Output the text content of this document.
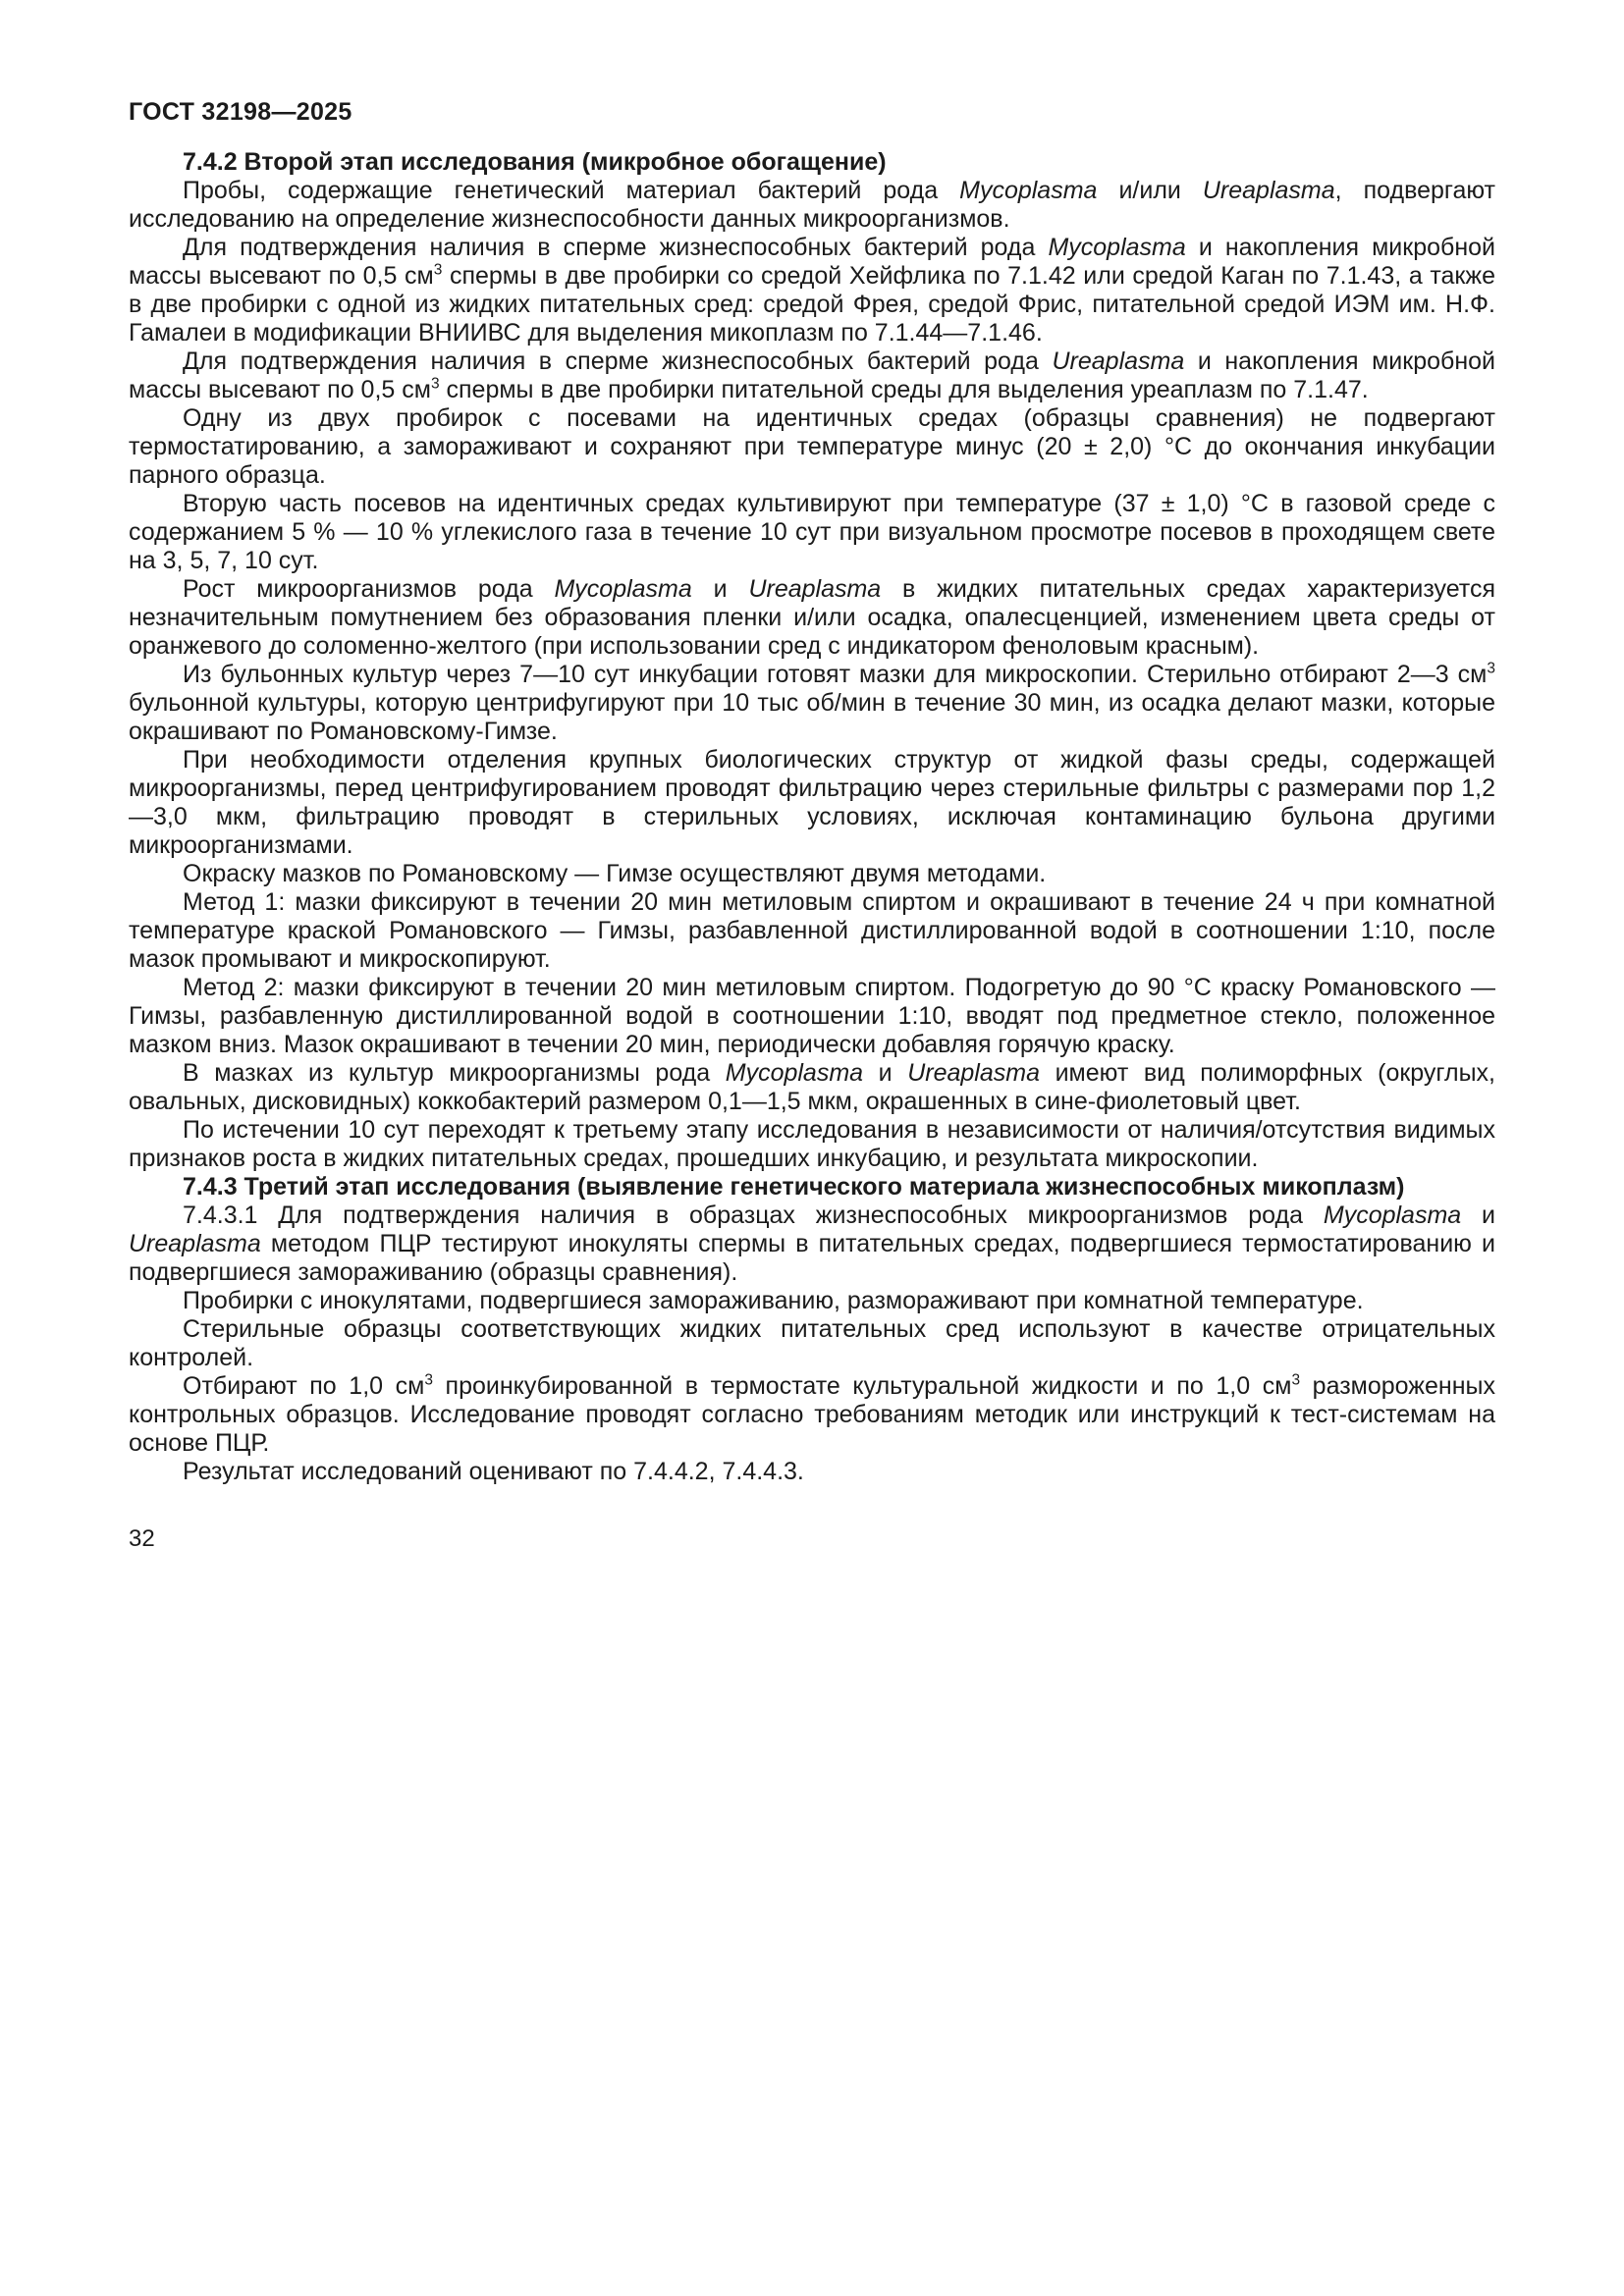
ГОСТ 32198—2025

7.4.2 Второй этап исследования (микробное обогащение)

Пробы, содержащие генетический материал бактерий рода Mycoplasma и/или Ureaplasma, подвергают исследованию на определение жизнеспособности данных микроорганизмов.

Для подтверждения наличия в сперме жизнеспособных бактерий рода Mycoplasma и накопления микробной массы высевают по 0,5 $см^3$ спермы в две пробирки со средой Хейфлика по 7.1.42 или средой Каган по 7.1.43, а также в две пробирки с одной из жидких питательных сред: средой Фрея, средой Фрис, питательной средой ИЭМ им. Н.Ф. Гамалеи в модификации ВНИИВС для выделения микоплазм по 7.1.44—7.1.46.

Для подтверждения наличия в сперме жизнеспособных бактерий рода Ureaplasma и накопления микробной массы высевают по 0,5 $см^3$ спермы в две пробирки питательной среды для выделения уреаплазм по 7.1.47.

Одну из двух пробирок с посевами на идентичных средах (образцы сравнения) не подвергают термостатированию, а замораживают и сохраняют при температуре минус (20 ± 2,0) °С до окончания инкубации парного образца.

Вторую часть посевов на идентичных средах культивируют при температуре (37 ± 1,0) °С в газовой среде с содержанием 5 % — 10 % углекислого газа в течение 10 сут при визуальном просмотре посевов в проходящем свете на 3, 5, 7, 10 сут.

Рост микроорганизмов рода Mycoplasma и Ureaplasma в жидких питательных средах характеризуется незначительным помутнением без образования пленки и/или осадка, опалесценцией, изменением цвета среды от оранжевого до соломенно-желтого (при использовании сред с индикатором феноловым красным).

Из бульонных культур через 7—10 сут инкубации готовят мазки для микроскопии. Стерильно отбирают 2—3 $см^3$ бульонной культуры, которую центрифугируют при 10 тыс об/мин в течение 30 мин, из осадка делают мазки, которые окрашивают по Романовскому-Гимзе.

При необходимости отделения крупных биологических структур от жидкой фазы среды, содержащей микроорганизмы, перед центрифугированием проводят фильтрацию через стерильные фильтры с размерами пор 1,2—3,0 мкм, фильтрацию проводят в стерильных условиях, исключая контаминацию бульона другими микроорганизмами.

Окраску мазков по Романовскому — Гимзе осуществляют двумя методами.

Метод 1: мазки фиксируют в течении 20 мин метиловым спиртом и окрашивают в течение 24 ч при комнатной температуре краской Романовского — Гимзы, разбавленной дистиллированной водой в соотношении 1:10, после мазок промывают и микроскопируют.

Метод 2: мазки фиксируют в течении 20 мин метиловым спиртом. Подогретую до 90 °С краску Романовского — Гимзы, разбавленную дистиллированной водой в соотношении 1:10, вводят под предметное стекло, положенное мазком вниз. Мазок окрашивают в течении 20 мин, периодически добавляя горячую краску.

В мазках из культур микроорганизмы рода Mycoplasma и Ureaplasma имеют вид полиморфных (округлых, овальных, дисковидных) коккобактерий размером 0,1—1,5 мкм, окрашенных в сине-фиолетовый цвет.

По истечении 10 сут переходят к третьему этапу исследования в независимости от наличия/отсутствия видимых признаков роста в жидких питательных средах, прошедших инкубацию, и результата микроскопии.

7.4.3 Третий этап исследования (выявление генетического материала жизнеспособных микоплазм)

7.4.3.1 Для подтверждения наличия в образцах жизнеспособных микроорганизмов рода Mycoplasma и Ureaplasma методом ПЦР тестируют инокуляты спермы в питательных средах, подвергшиеся термостатированию и подвергшиеся замораживанию (образцы сравнения).

Пробирки с инокулятами, подвергшиеся замораживанию, размораживают при комнатной температуре.

Стерильные образцы соответствующих жидких питательных сред используют в качестве отрицательных контролей.

Отбирают по 1,0 $см^3$ проинкубированной в термостате культуральной жидкости и по 1,0 $см^3$ размороженных контрольных образцов. Исследование проводят согласно требованиям методик или инструкций к тест-системам на основе ПЦР.

Результат исследований оценивают по 7.4.4.2, 7.4.4.3.

32
